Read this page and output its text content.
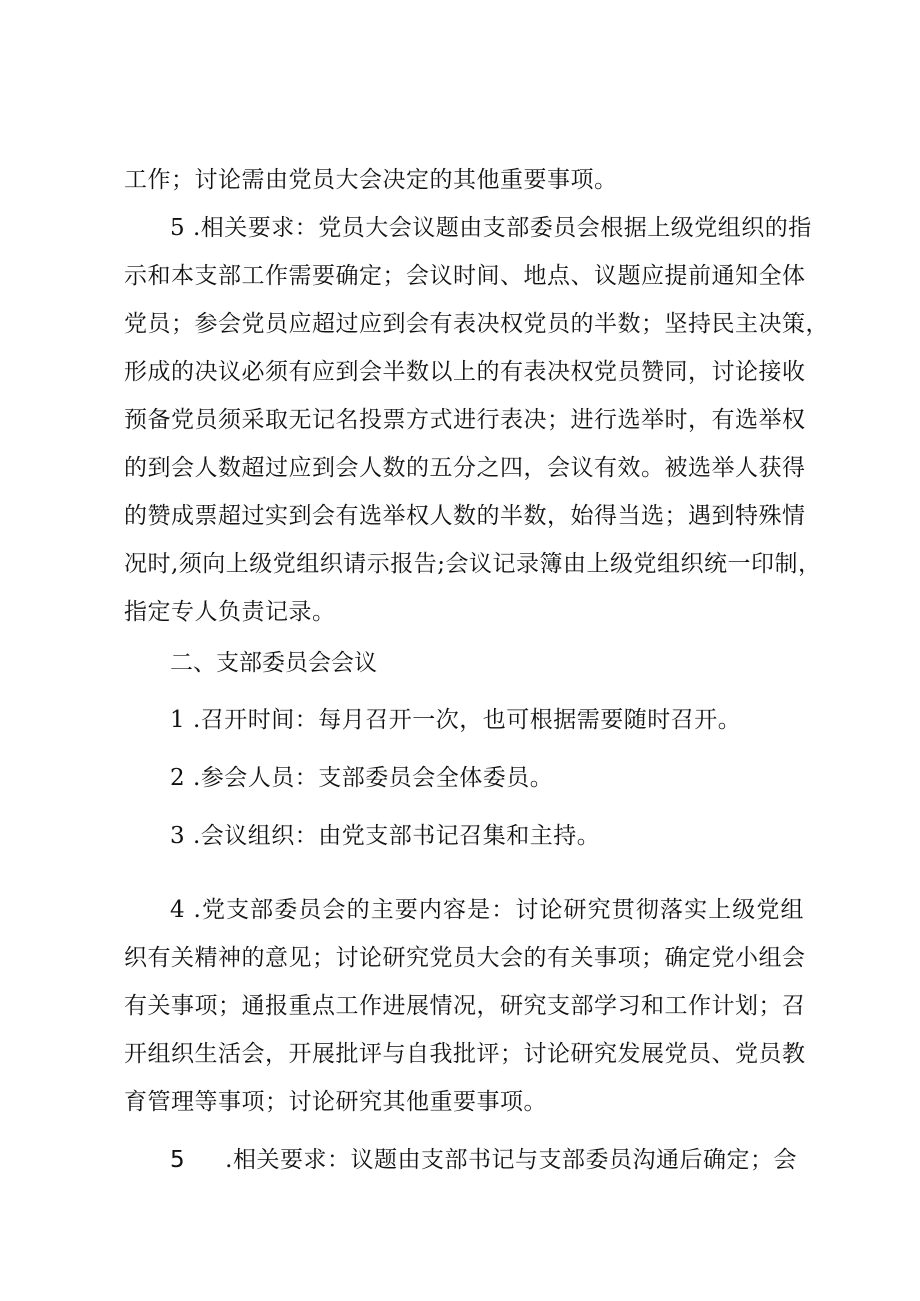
工作；讨论需由党员大会决定的其他重要事项。
5 .相关要求：党员大会议题由支部委员会根据上级党组织的指
示和本支部工作需要确定；会议时间、地点、议题应提前通知全体
党员；参会党员应超过应到会有表决权党员的半数；坚持民主决策，
形成的决议必须有应到会半数以上的有表决权党员赞同，讨论接收
预备党员须采取无记名投票方式进行表决；进行选举时，有选举权
的到会人数超过应到会人数的五分之四，会议有效。被选举人获得
的赞成票超过实到会有选举权人数的半数，始得当选；遇到特殊情
况时,须向上级党组织请示报告;会议记录簿由上级党组织统一印制，
指定专人负责记录。
二、支部委员会会议
1 .召开时间：每月召开一次，也可根据需要随时召开。
2 .参会人员：支部委员会全体委员。
3 .会议组织：由党支部书记召集和主持。
4 .党支部委员会的主要内容是：讨论研究贯彻落实上级党组
织有关精神的意见；讨论研究党员大会的有关事项；确定党小组会
有关事项；通报重点工作进展情况，研究支部学习和工作计划；召
开组织生活会，开展批评与自我批评；讨论研究发展党员、党员教
育管理等事项；讨论研究其他重要事项。
5 .相关要求：议题由支部书记与支部委员沟通后确定；会
